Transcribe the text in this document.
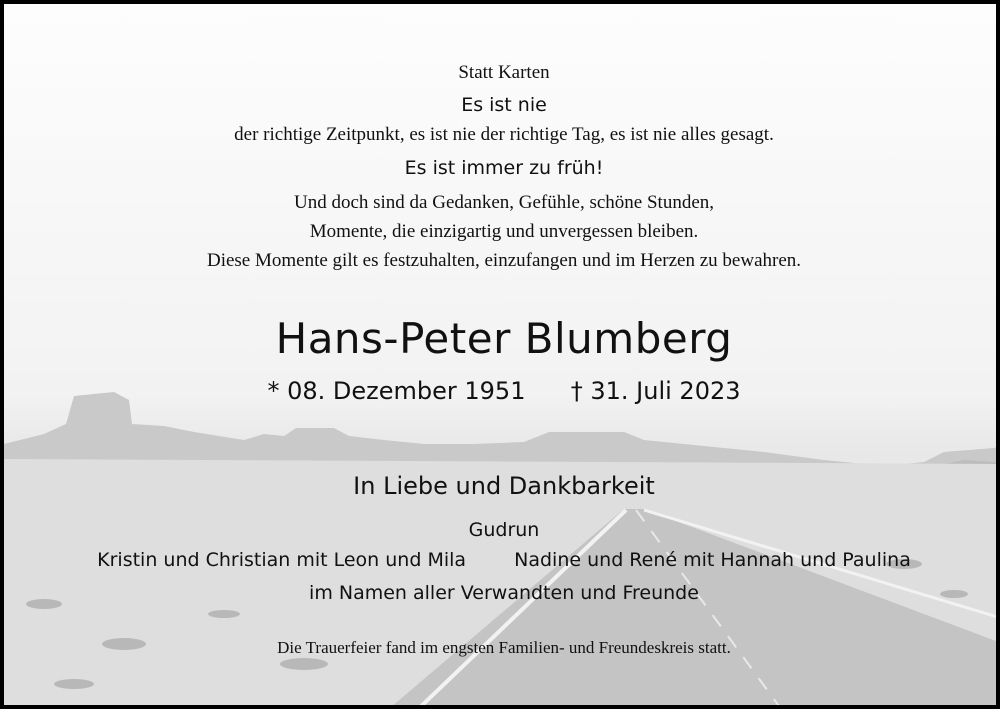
Statt Karten
Es ist nie
der richtige Zeitpunkt, es ist nie der richtige Tag, es ist nie alles gesagt.
Es ist immer zu früh!
Und doch sind da Gedanken, Gefühle, schöne Stunden,
Momente, die einzigartig und unvergessen bleiben.
Diese Momente gilt es festzuhalten, einzufangen und im Herzen zu bewahren.
Hans-Peter Blumberg
* 08. Dezember 1951 † 31. Juli 2023
In Liebe und Dankbarkeit
Gudrun
Kristin und Christian mit Leon und Mila	Nadine und René mit Hannah und Paulina
im Namen aller Verwandten und Freunde
Die Trauerfeier fand im engsten Familien- und Freundeskreis statt.
